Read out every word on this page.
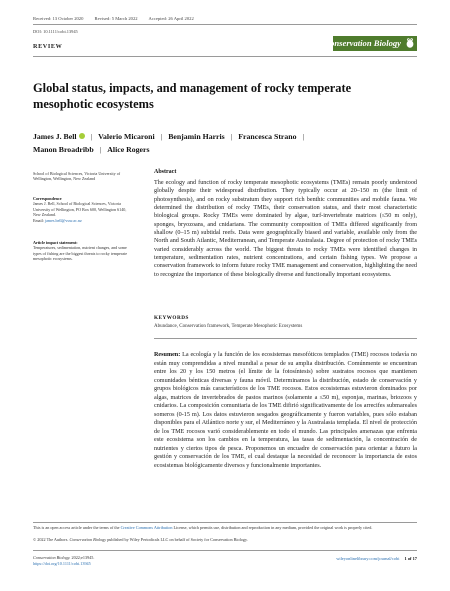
Received: 13 October 2020 Revised: 5 March 2022 Accepted: 26 April 2022
DOI: 10.1111/cobi.13945
REVIEW	Conservation Biology
Global status, impacts, and management of rocky temperate mesophotic ecosystems
James J. Bell | Valerio Micaroni | Benjamin Harris | Francesca Strano |
Manon Broadribb | Alice Rogers
School of Biological Sciences, Victoria University of Wellington, Wellington, New Zealand
Correspondence
James J. Bell, School of Biological Sciences, Victoria University of Wellington, PO Box 600, Wellington 6140, New Zealand.
Email: james.bell@vuw.ac.nz
Article impact statement:
Temperatures, sedimentation, nutrient changes, and some types of fishing are the biggest threats to rocky temperate mesophotic ecosystems.
Abstract
The ecology and function of rocky temperate mesophotic ecosystems (TMEs) remain poorly understood globally despite their widespread distribution. They typically occur at 20–150 m (the limit of photosynthesis), and on rocky substratum they support rich benthic communities and mobile fauna. We determined the distribution of rocky TMEs, their conservation status, and their most characteristic biological groups. Rocky TMEs were dominated by algae, turf-invertebrate matrices (≤50 m only), sponges, bryozoans, and cnidarians. The community composition of TMEs differed significantly from shallow (0–15 m) subtidal reefs. Data were geographically biased and variable, available only from the North and South Atlantic, Mediterranean, and Temperate Australasia. Degree of protection of rocky TMEs varied considerably across the world. The biggest threats to rocky TMEs were identified changes in temperature, sedimentation rates, nutrient concentrations, and certain fishing types. We propose a conservation framework to inform future rocky TME management and conservation, highlighting the need to recognize the importance of these biologically diverse and functionally important ecosystems.
KEYWORDS
Abundance, Conservation framework, Temperate Mesophotic Ecosystems
Resumen: La ecología y la función de los ecosistemas mesofóticos templados (TME) rocosos todavía no están muy comprendidas a nivel mundial a pesar de su amplia distribución. Comúnmente se encuentran entre los 20 y los 150 metros (el límite de la fotosíntesis) sobre sustratos rocosos que mantienen comunidades bénticas diversas y fauna móvil. Determinamos la distribución, estado de conservación y grupos biológicos más característicos de los TME rocosos. Estos ecosistemas estuvieron dominados por algas, matrices de invertebrados de pastos marinos (solamente a ≤50 m), esponjas, marinas, briozoos y cnidarios. La composición comunitaria de los TME difirió significativamente de los arrecifes submareales someros (0-15 m). Los datos estuvieron sesgados geográficamente y fueron variables, pues sólo estaban disponibles para el Atlántico norte y sur, el Mediterráneo y la Australasia templada. El nivel de protección de los TME rocosos varió considerablemente en todo el mundo. Las principales amenazas que enfrenta este ecosistema son los cambios en la temperatura, las tasas de sedimentación, la concentración de nutrientes y ciertos tipos de pesca. Proponemos un encuadre de conservación para orientar a futuro la gestión y conservación de los TME, el cual destaque la necesidad de reconocer la importancia de estos ecosistemas biológicamente diversos y funcionalmente importantes.
This is an open access article under the terms of the Creative Commons Attribution License, which permits use, distribution and reproduction in any medium, provided the original work is properly cited.
© 2022 The Authors. Conservation Biology published by Wiley Periodicals LLC on behalf of Society for Conservation Biology.
Conservation Biology. 2022;e13945.
https://doi.org/10.1111/cobi.13945
wileyonlinelibrary.com/journal/cobi 1 of 17
